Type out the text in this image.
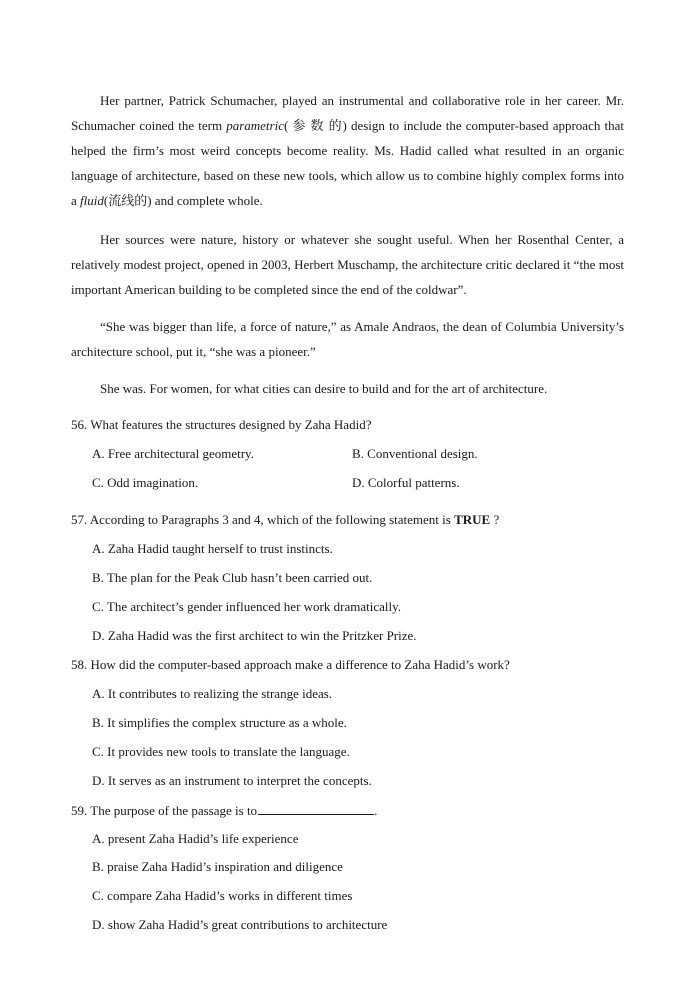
Her partner, Patrick Schumacher, played an instrumental and collaborative role in her career. Mr. Schumacher coined the term parametric( 参 数 的) design to include the computer-based approach that helped the firm’s most weird concepts become reality. Ms. Hadid called what resulted in an organic language of architecture, based on these new tools, which allow us to combine highly complex forms into a fluid(流线的) and complete whole.

Her sources were nature, history or whatever she sought useful. When her Rosenthal Center, a relatively modest project, opened in 2003, Herbert Muschamp, the architecture critic declared it “the most important American building to be completed since the end of the coldwar”.

“She was bigger than life, a force of nature,” as Amale Andraos, the dean of Columbia University’s architecture school, put it, “she was a pioneer.”

She was. For women, for what cities can desire to build and for the art of architecture.

56. What features the structures designed by Zaha Hadid?

A. Free architectural geometry.	B. Conventional design.

C. Odd imagination.	D. Colorful patterns.

57. According to Paragraphs 3 and 4, which of the following statement is TRUE ?

A. Zaha Hadid taught herself to trust instincts.

B. The plan for the Peak Club hasn’t been carried out.

C. The architect’s gender influenced her work dramatically.

D. Zaha Hadid was the first architect to win the Pritzker Prize.

58. How did the computer-based approach make a difference to Zaha Hadid’s work?

A. It contributes to realizing the strange ideas.

B. It simplifies the complex structure as a whole.

C. It provides new tools to translate the language.

D. It serves as an instrument to interpret the concepts.

59. The purpose of the passage is to	.

A. present Zaha Hadid’s life experience

B. praise Zaha Hadid’s inspiration and diligence

C. compare Zaha Hadid’s works in different times

D. show Zaha Hadid’s great contributions to architecture
